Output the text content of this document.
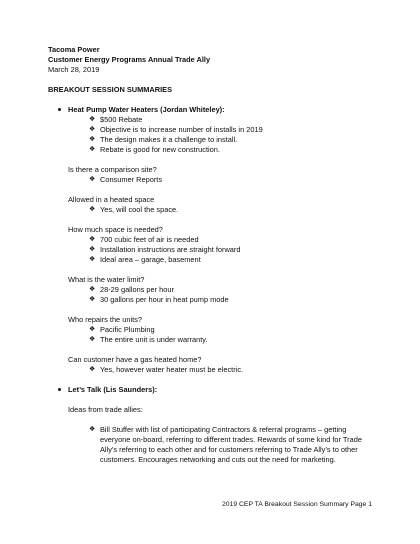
Tacoma Power
Customer Energy Programs Annual Trade Ally
March 28, 2019
BREAKOUT SESSION SUMMARIES
Heat Pump Water Heaters (Jordan Whiteley):
❖ $500 Rebate
❖ Objective is to increase number of installs in 2019
❖ The design makes it a challenge to install.
❖ Rebate is good for new construction.
Is there a comparison site?
❖ Consumer Reports
Allowed in a heated space
❖ Yes, will cool the space.
How much space is needed?
❖ 700 cubic feet of air is needed
❖ Installation instructions are straight forward
❖ Ideal area – garage, basement
What is the water limit?
❖ 28-29 gallons per hour
❖ 30 gallons per hour in heat pump mode
Who repairs the units?
❖ Pacific Plumbing
❖ The entire unit is under warranty.
Can customer have a gas heated home?
❖ Yes, however water heater must be electric.
Let’s Talk (Lis Saunders):
Ideas from trade allies:
❖ Bill Stuffer with list of participating Contractors & referral programs – getting
everyone on-board, referring to different trades. Rewards of some kind for Trade
Ally’s referring to each other and for customers referring to Trade Ally’s to other
customers. Encourages networking and cuts out the need for marketing.
2019 CEP TA Breakout Session Summary Page 1
